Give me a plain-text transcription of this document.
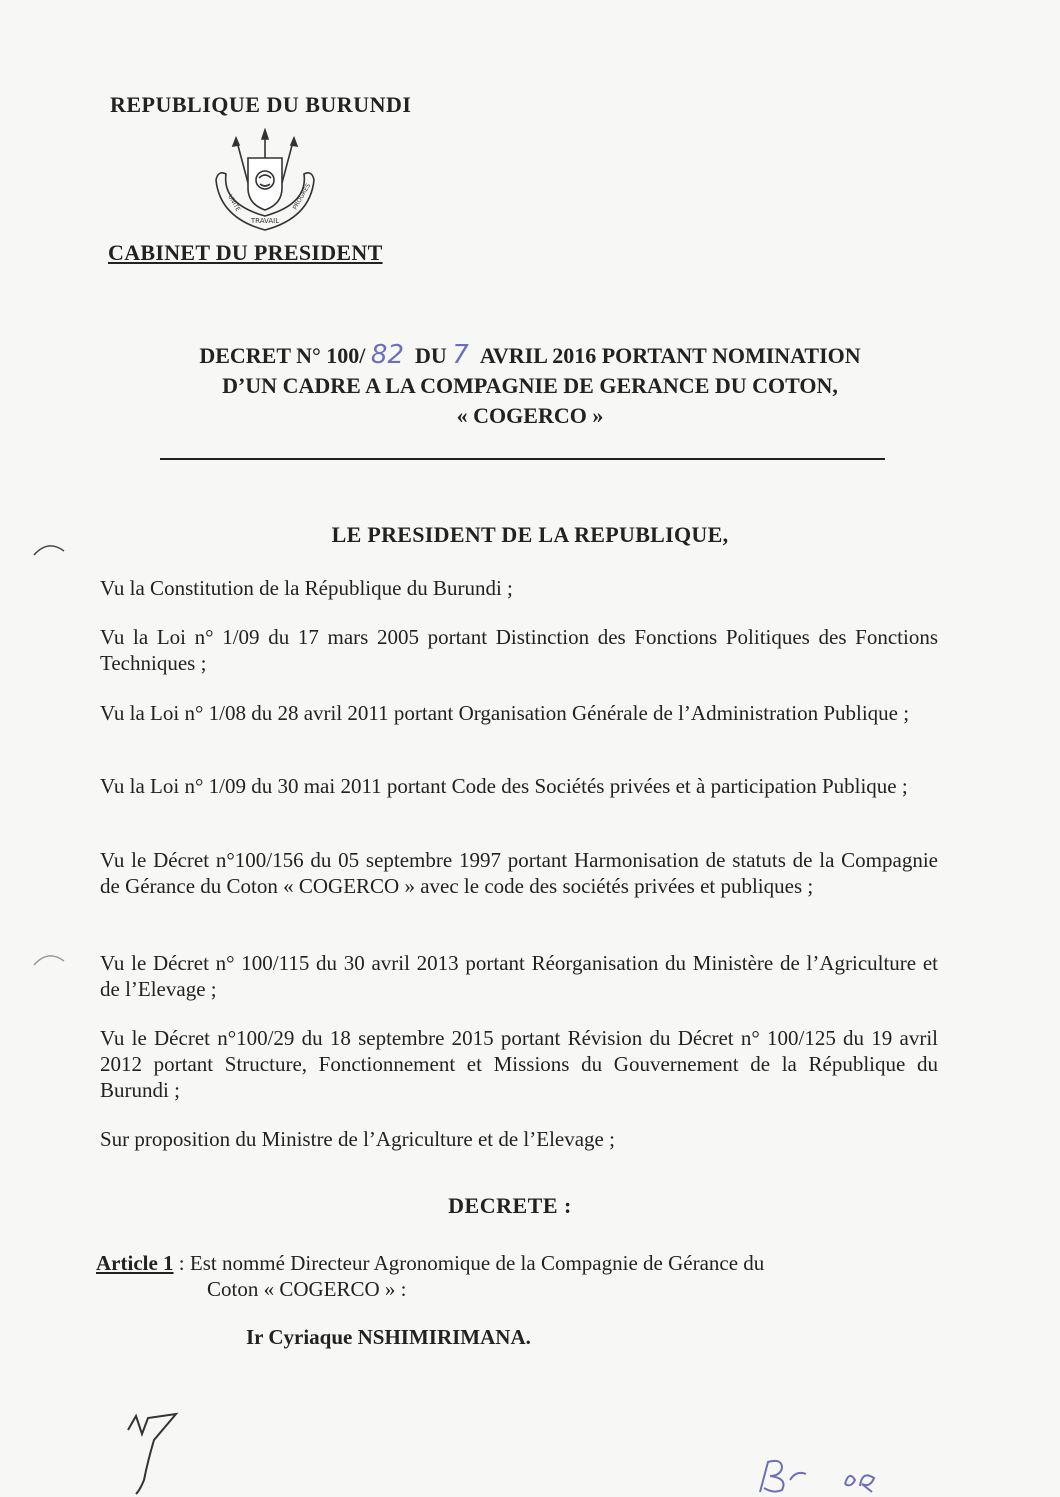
REPUBLIQUE DU BURUNDI
TRAVAIL
UNITE	PROGRES
CABINET DU PRESIDENT
DECRET N° 100/ 82 DU 7 AVRIL 2016 PORTANT NOMINATION
D’UN CADRE A LA COMPAGNIE DE GERANCE DU COTON,
« COGERCO »
LE PRESIDENT DE LA REPUBLIQUE,
Vu la Constitution de la République du Burundi ;
Vu la Loi n° 1/09 du 17 mars 2005 portant Distinction des Fonctions Politiques des Fonctions Techniques ;
Vu la Loi n° 1/08 du 28 avril 2011 portant Organisation Générale de l’Administration Publique ;
Vu la Loi n° 1/09 du 30 mai 2011 portant Code des Sociétés privées et à participation Publique ;
Vu le Décret n°100/156 du 05 septembre 1997 portant Harmonisation de statuts de la Compagnie de Gérance du Coton « COGERCO » avec le code des sociétés privées et publiques ;
Vu le Décret n° 100/115 du 30 avril 2013 portant Réorganisation du Ministère de l’Agriculture et de l’Elevage ;
Vu le Décret n°100/29 du 18 septembre 2015 portant Révision du Décret n° 100/125 du 19 avril 2012 portant Structure, Fonctionnement et Missions du Gouvernement de la République du Burundi ;
Sur proposition du Ministre de l’Agriculture et de l’Elevage ;
DECRETE :
Article 1 : Est nommé Directeur Agronomique de la Compagnie de Gérance du
Coton « COGERCO » :
Ir Cyriaque NSHIMIRIMANA.
